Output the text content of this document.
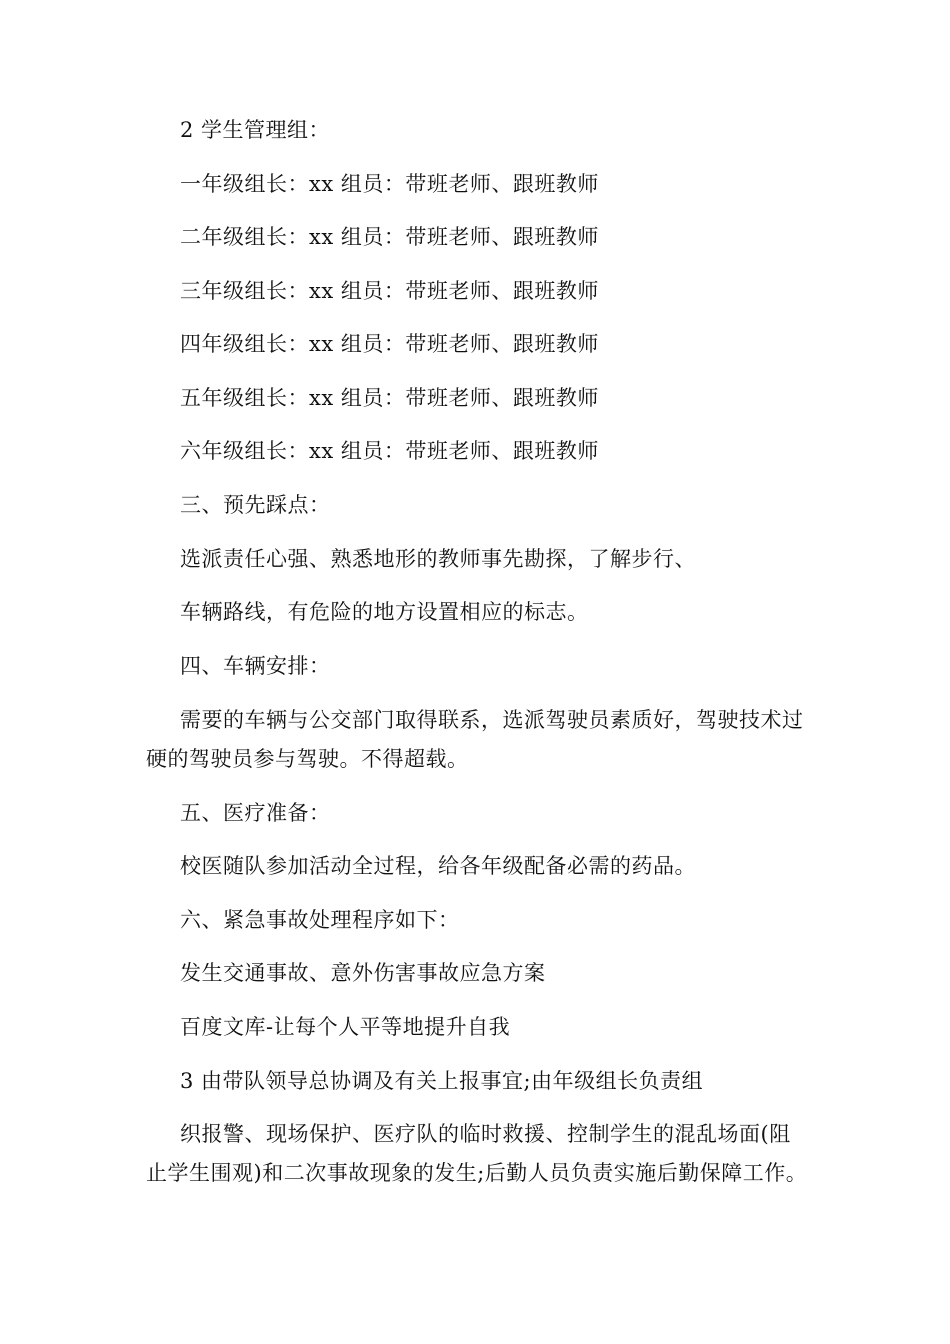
2 学生管理组：
一年级组长：xx 组员：带班老师、跟班教师
二年级组长：xx 组员：带班老师、跟班教师
三年级组长：xx 组员：带班老师、跟班教师
四年级组长：xx 组员：带班老师、跟班教师
五年级组长：xx 组员：带班老师、跟班教师
六年级组长：xx 组员：带班老师、跟班教师
三、预先踩点：
选派责任心强、熟悉地形的教师事先勘探，了解步行、
车辆路线，有危险的地方设置相应的标志。
四、车辆安排：
需要的车辆与公交部门取得联系，选派驾驶员素质好，驾驶技术过
硬的驾驶员参与驾驶。不得超载。
五、医疗准备：
校医随队参加活动全过程，给各年级配备必需的药品。
六、紧急事故处理程序如下：
发生交通事故、意外伤害事故应急方案
百度文库-让每个人平等地提升自我
3 由带队领导总协调及有关上报事宜;由年级组长负责组
织报警、现场保护、医疗队的临时救援、控制学生的混乱场面(阻
止学生围观)和二次事故现象的发生;后勤人员负责实施后勤保障工作。
